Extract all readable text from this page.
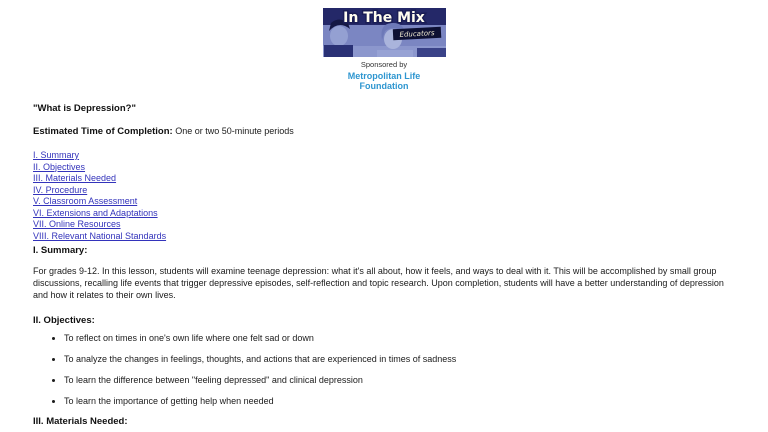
In The Mix
Educators
Sponsored by
Metropolitan Life
Foundation
"What is Depression?"
Estimated Time of Completion: One or two 50-minute periods
I. Summary
II. Objectives
III. Materials Needed
IV. Procedure
V. Classroom Assessment
VI. Extensions and Adaptations
VII. Online Resources
VIII. Relevant National Standards
I. Summary:
For grades 9-12. In this lesson, students will examine teenage depression: what it's all about, how it feels, and ways to deal with it. This will be accomplished by small group discussions, recalling life events that trigger depressive episodes, self-reflection and topic research. Upon completion, students will have a better understanding of depression and how it relates to their own lives.
II. Objectives:
• To reflect on times in one's own life where one felt sad or down
• To analyze the changes in feelings, thoughts, and actions that are experienced in times of sadness
• To learn the difference between "feeling depressed" and clinical depression
• To learn the importance of getting help when needed
III. Materials Needed:
